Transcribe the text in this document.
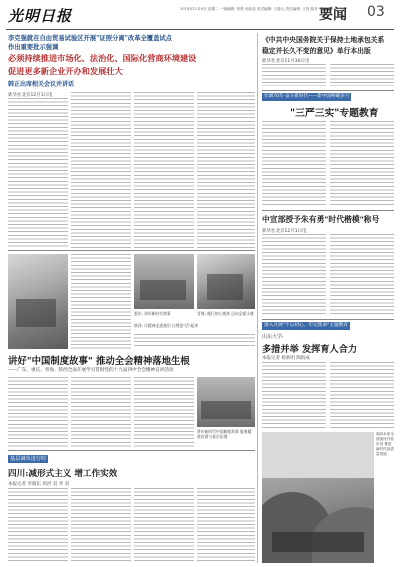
光明日报	2019年12月8日 星期二 一版编辑: 张晨 孙欣蕊 美术编辑: 王健元 责任编辑: 王钰 校对: 张小双
要闻 03
李克强就在自由贸易试验区开展"证照分离"改革全覆盖试点
作出重要批示强调
必须持续推进市场化、法治化、国际化营商环境建设
促进更多新企业开办和发展壮大
韩正出席相关会议并讲话
新华社北京12月1日电
重庆: 讲好新时代故事	青海: 践行初心使命 迈向全面小康
陕西: 让精神走进基层 让理论"活"起来
讲好"中国制度故事" 推动全会精神落地生根
——广东、重庆、青海、陕西全面开展学习贯彻党的十九届四中全会精神宣讲活动
讲好新时代中国制度故事 服务精准贫困与基层治理
基层减负进行时
四川:减形式主义 增工作实效
本报记者 李晓东 周洪 双 李 双
《中共中央国务院关于保持土地承包关系
稳定并长久不变的意见》单行本出版
新华社北京11月30日电
壮阔70年·奋斗新时代——新中国峥嵘岁月
"三严三实"专题教育
中宣部授予朱有勇"时代楷模"称号
新华社北京12月1日电
深入开展"不忘初心、牢记使命"主题教育
山东大学:
多措并举 发挥育人合力
本报记者 杨新明 陶海成
面向未来全面加快开放步伐 推进新时代高质量发展
